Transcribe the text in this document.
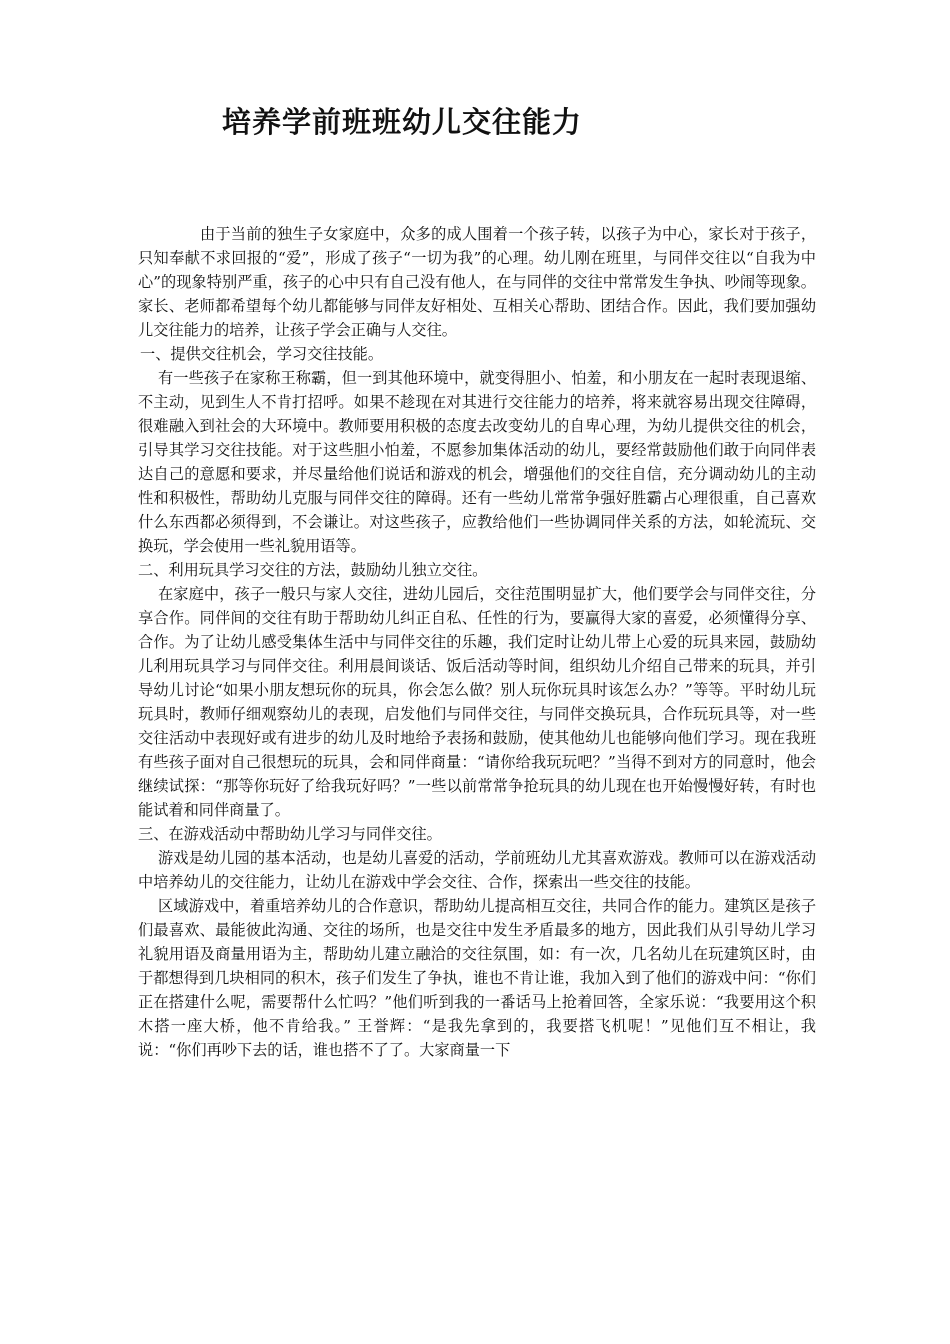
培养学前班班幼儿交往能力

由于当前的独生子女家庭中，众多的成人围着一个孩子转，以孩子为中心，家长对于孩子，只知奉献不求回报的“爱”，形成了孩子“一切为我”的心理。幼儿刚在班里，与同伴交往以“自我为中心”的现象特别严重，孩子的心中只有自己没有他人，在与同伴的交往中常常发生争执、吵闹等现象。家长、老师都希望每个幼儿都能够与同伴友好相处、互相关心帮助、团结合作。因此，我们要加强幼儿交往能力的培养，让孩子学会正确与人交往。

一、提供交往机会，学习交往技能。

有一些孩子在家称王称霸，但一到其他环境中，就变得胆小、怕羞，和小朋友在一起时表现退缩、不主动，见到生人不肯打招呼。如果不趁现在对其进行交往能力的培养，将来就容易出现交往障碍，很难融入到社会的大环境中。教师要用积极的态度去改变幼儿的自卑心理，为幼儿提供交往的机会，引导其学习交往技能。对于这些胆小怕羞，不愿参加集体活动的幼儿，要经常鼓励他们敢于向同伴表达自己的意愿和要求，并尽量给他们说话和游戏的机会，增强他们的交往自信，充分调动幼儿的主动性和积极性，帮助幼儿克服与同伴交往的障碍。还有一些幼儿常常争强好胜霸占心理很重，自己喜欢什么东西都必须得到，不会谦让。对这些孩子，应教给他们一些协调同伴关系的方法，如轮流玩、交换玩，学会使用一些礼貌用语等。

二、利用玩具学习交往的方法，鼓励幼儿独立交往。

在家庭中，孩子一般只与家人交往，进幼儿园后，交往范围明显扩大，他们要学会与同伴交往，分享合作。同伴间的交往有助于帮助幼儿纠正自私、任性的行为，要赢得大家的喜爱，必须懂得分享、合作。为了让幼儿感受集体生活中与同伴交往的乐趣，我们定时让幼儿带上心爱的玩具来园，鼓励幼儿利用玩具学习与同伴交往。利用晨间谈话、饭后活动等时间，组织幼儿介绍自己带来的玩具，并引导幼儿讨论“如果小朋友想玩你的玩具，你会怎么做？别人玩你玩具时该怎么办？”等等。平时幼儿玩玩具时，教师仔细观察幼儿的表现，启发他们与同伴交往，与同伴交换玩具，合作玩玩具等，对一些交往活动中表现好或有进步的幼儿及时地给予表扬和鼓励，使其他幼儿也能够向他们学习。现在我班有些孩子面对自己很想玩的玩具，会和同伴商量：“请你给我玩玩吧？”当得不到对方的同意时，他会继续试探：“那等你玩好了给我玩好吗？”一些以前常常争抢玩具的幼儿现在也开始慢慢好转，有时也能试着和同伴商量了。

三、在游戏活动中帮助幼儿学习与同伴交往。

游戏是幼儿园的基本活动，也是幼儿喜爱的活动，学前班幼儿尤其喜欢游戏。教师可以在游戏活动中培养幼儿的交往能力，让幼儿在游戏中学会交往、合作，探索出一些交往的技能。

区域游戏中，着重培养幼儿的合作意识，帮助幼儿提高相互交往，共同合作的能力。建筑区是孩子们最喜欢、最能彼此沟通、交往的场所，也是交往中发生矛盾最多的地方，因此我们从引导幼儿学习礼貌用语及商量用语为主，帮助幼儿建立融洽的交往氛围，如：有一次，几名幼儿在玩建筑区时，由于都想得到几块相同的积木，孩子们发生了争执，谁也不肯让谁，我加入到了他们的游戏中问：“你们正在搭建什么呢，需要帮什么忙吗？”他们听到我的一番话马上抢着回答，全家乐说：“我要用这个积木搭一座大桥，他不肯给我。” 王誉辉：“是我先拿到的，我要搭飞机呢！”见他们互不相让，我说：“你们再吵下去的话，谁也搭不了了。大家商量一下
